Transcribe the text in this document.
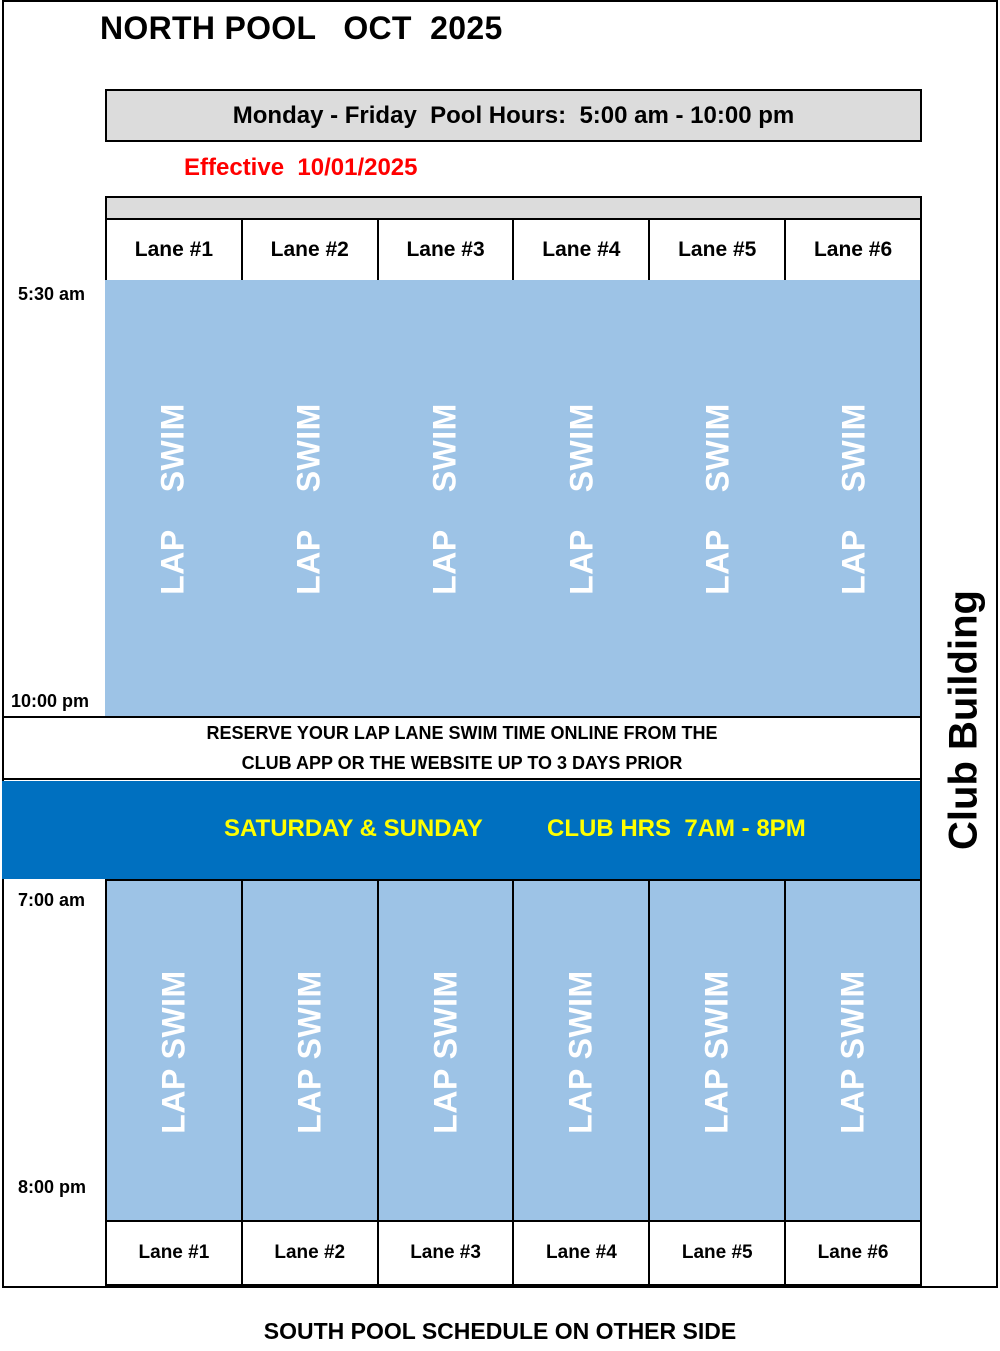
NORTH POOL   OCT  2025
Monday - Friday  Pool Hours:  5:00 am - 10:00 pm
Effective  10/01/2025
Lane #1	Lane #2	Lane #3	Lane #4	Lane #5	Lane #6
5:30 am
10:00 pm
LAP    SWIM	LAP    SWIM	LAP    SWIM	LAP    SWIM	LAP    SWIM	LAP    SWIM
RESERVE YOUR LAP LANE SWIM TIME ONLINE FROM THE
CLUB APP OR THE WEBSITE UP TO 3 DAYS PRIOR
SATURDAY & SUNDAY	CLUB HRS  7AM - 8PM
7:00 am
8:00 pm
LAP SWIM	LAP SWIM	LAP SWIM	LAP SWIM	LAP SWIM	LAP SWIM
Lane #1	Lane #2	Lane #3	Lane #4	Lane #5	Lane #6
Club Building
SOUTH POOL SCHEDULE ON OTHER SIDE
